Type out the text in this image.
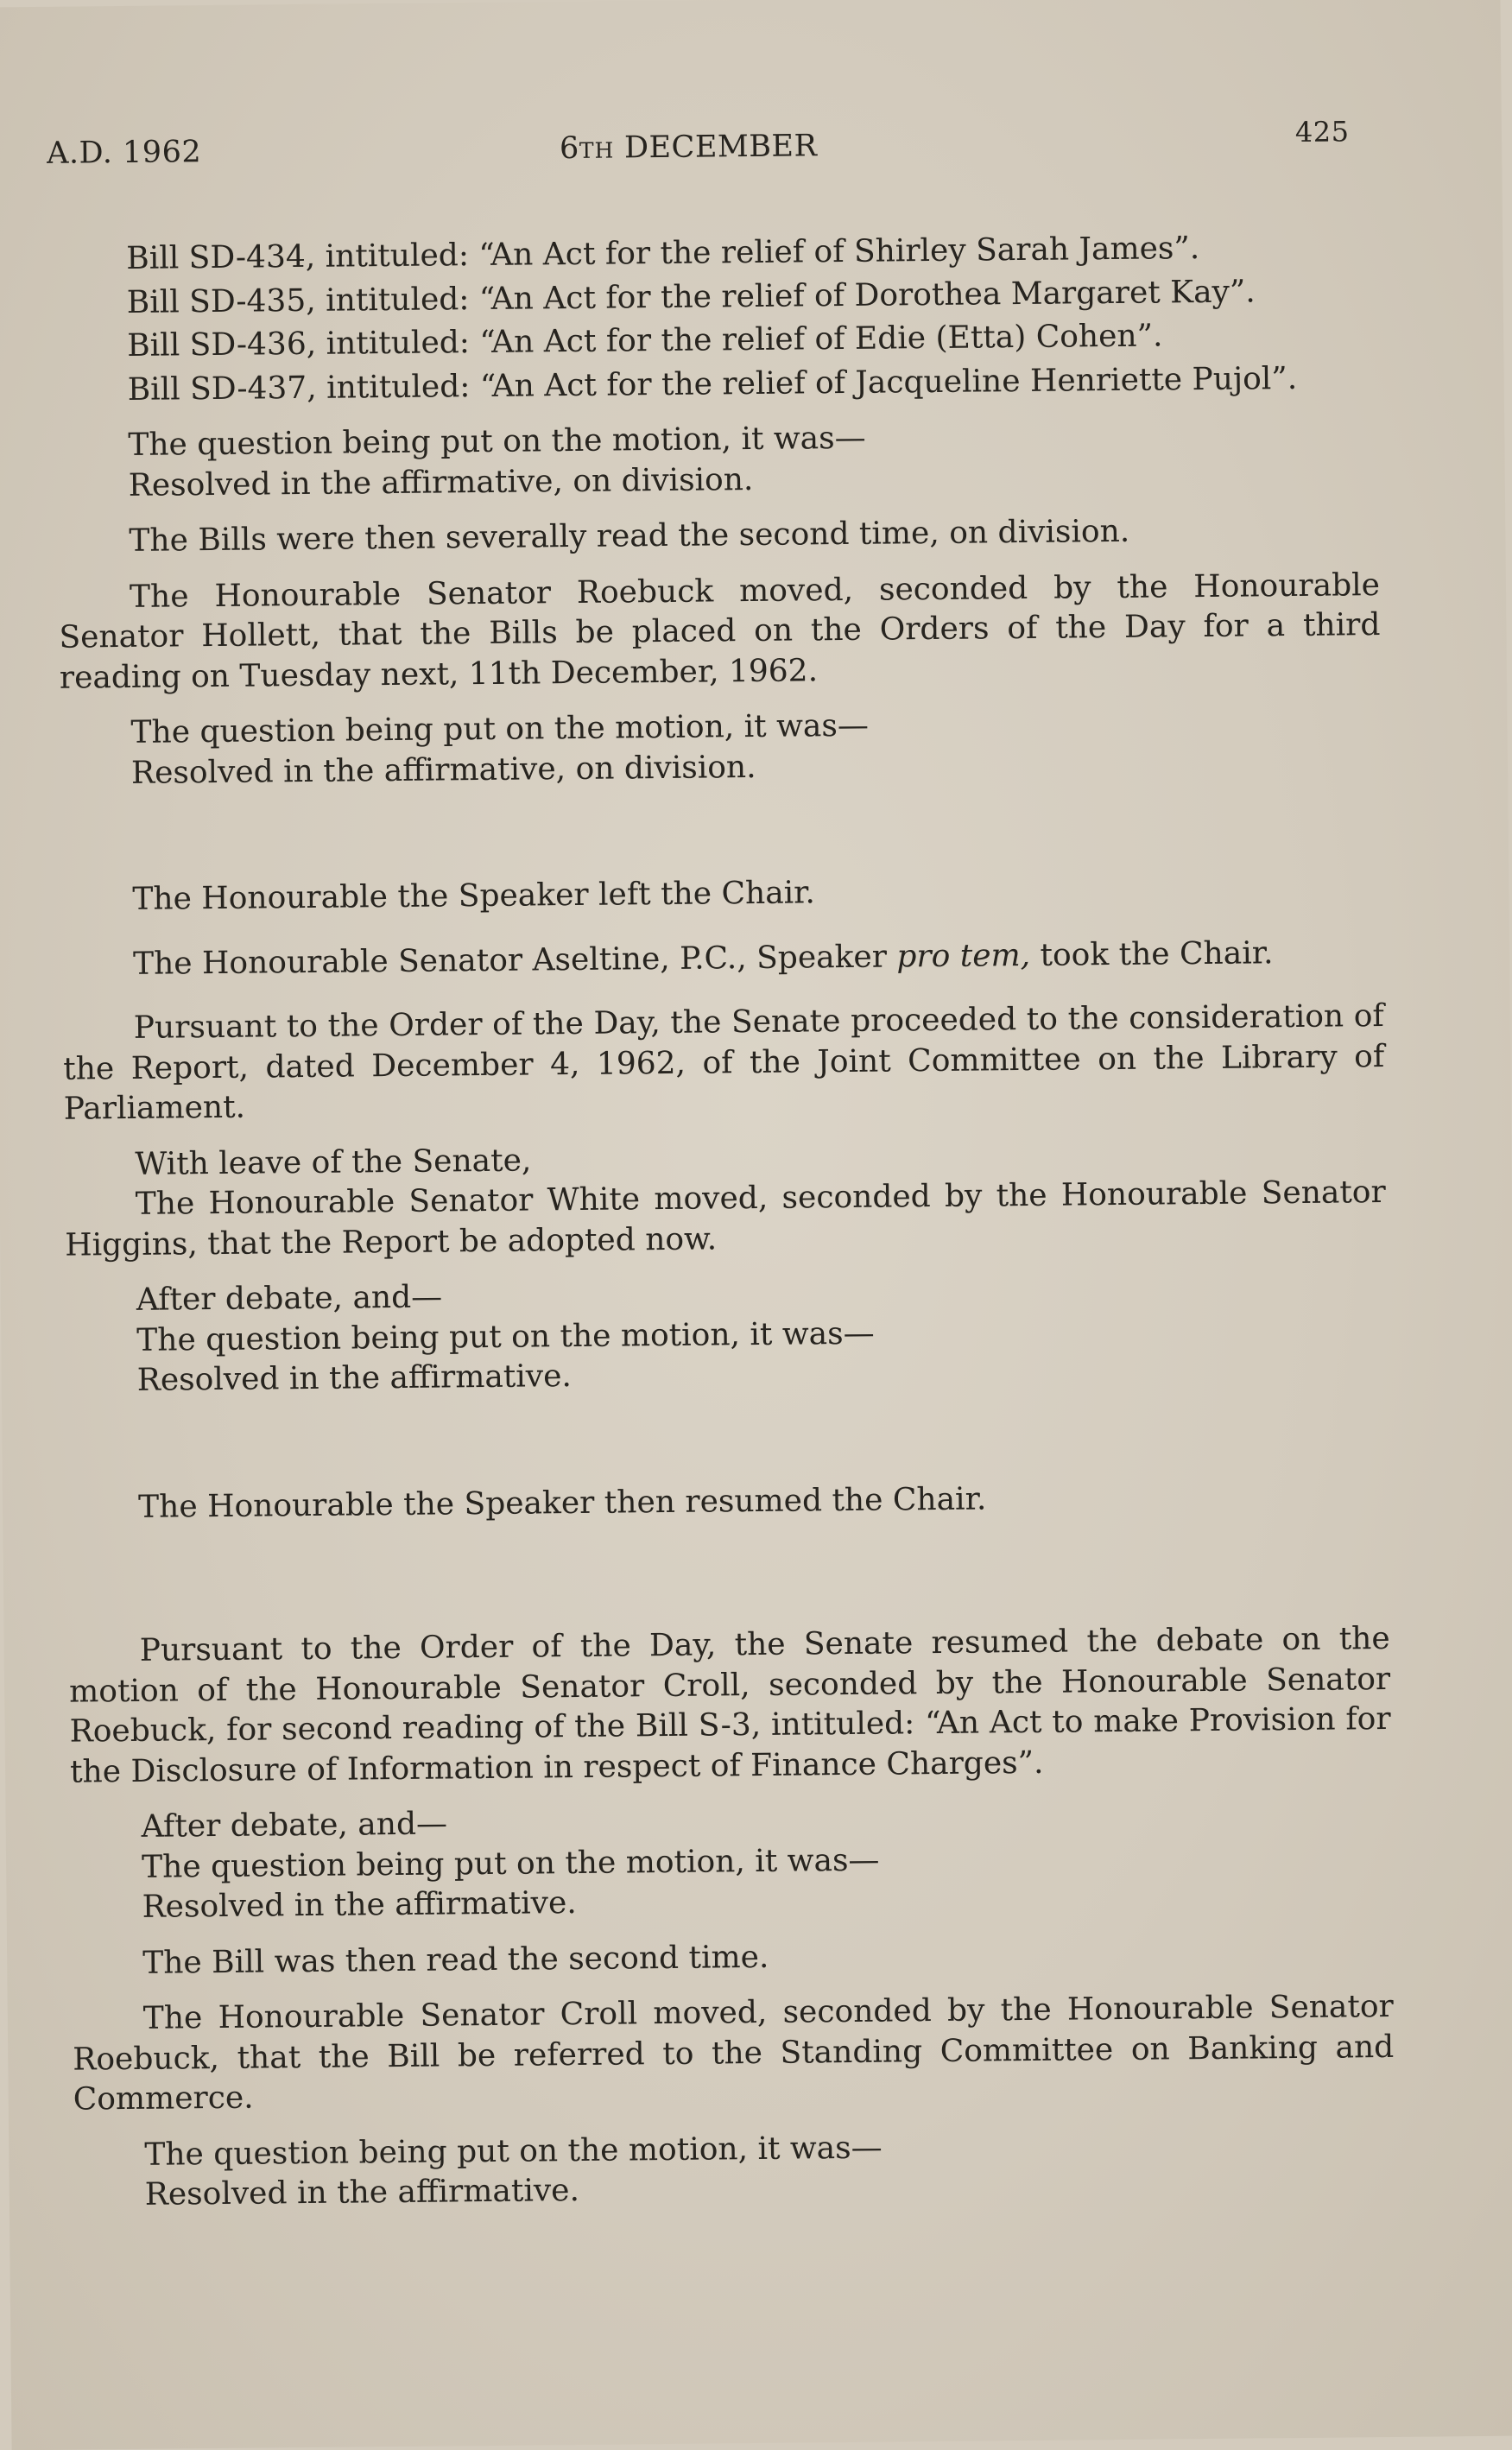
A.D. 1962	6TH DECEMBER	425

Bill SD-434, intituled: “An Act for the relief of Shirley Sarah James”.

Bill SD-435, intituled: “An Act for the relief of Dorothea Margaret Kay”.

Bill SD-436, intituled: “An Act for the relief of Edie (Etta) Cohen”.

Bill SD-437, intituled: “An Act for the relief of Jacqueline Henriette Pujol”.

The question being put on the motion, it was—

Resolved in the affirmative, on division.

The Bills were then severally read the second time, on division.

The Honourable Senator Roebuck moved, seconded by the Honourable Senator Hollett, that the Bills be placed on the Orders of the Day for a third reading on Tuesday next, 11th December, 1962.

The question being put on the motion, it was—

Resolved in the affirmative, on division.

The Honourable the Speaker left the Chair.

The Honourable Senator Aseltine, P.C., Speaker pro tem, took the Chair.

Pursuant to the Order of the Day, the Senate proceeded to the consideration of the Report, dated December 4, 1962, of the Joint Committee on the Library of Parliament.

With leave of the Senate,

The Honourable Senator White moved, seconded by the Honourable Senator Higgins, that the Report be adopted now.

After debate, and—

The question being put on the motion, it was—

Resolved in the affirmative.

The Honourable the Speaker then resumed the Chair.

Pursuant to the Order of the Day, the Senate resumed the debate on the motion of the Honourable Senator Croll, seconded by the Honourable Senator Roebuck, for second reading of the Bill S-3, intituled: “An Act to make Provision for the Disclosure of Information in respect of Finance Charges”.

After debate, and—

The question being put on the motion, it was—

Resolved in the affirmative.

The Bill was then read the second time.

The Honourable Senator Croll moved, seconded by the Honourable Senator Roebuck, that the Bill be referred to the Standing Committee on Banking and Commerce.

The question being put on the motion, it was—

Resolved in the affirmative.
